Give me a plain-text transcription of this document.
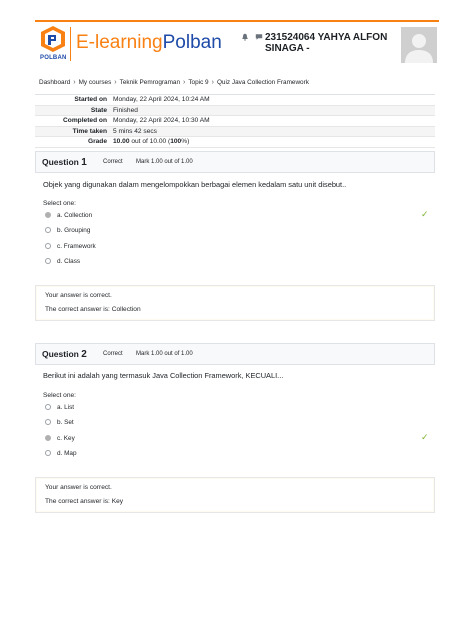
POLBAN
E-learningPolban	231524064 YAHYA ALFON SINAGA -
Dashboard › My courses › Teknik Pemrograman › Topic 9 › Quiz Java Collection Framework
Started on Monday, 22 April 2024, 10:24 AM
State Finished
Completed on Monday, 22 April 2024, 10:30 AM
Time taken 5 mins 42 secs
Grade 10.00 out of 10.00 (100%)
Question 1	Correct Mark 1.00 out of 1.00
Objek yang digunakan dalam mengelompokkan berbagai elemen kedalam satu unit disebut..
Select one:
a. Collection	✓
b. Grouping
c. Framework
d. Class
Your answer is correct.
The correct answer is: Collection
Question 2	Correct Mark 1.00 out of 1.00
Berikut ini adalah yang termasuk Java Collection Framework, KECUALI...
Select one:
a. List
b. Set
c. Key	✓
d. Map
Your answer is correct.
The correct answer is: Key
